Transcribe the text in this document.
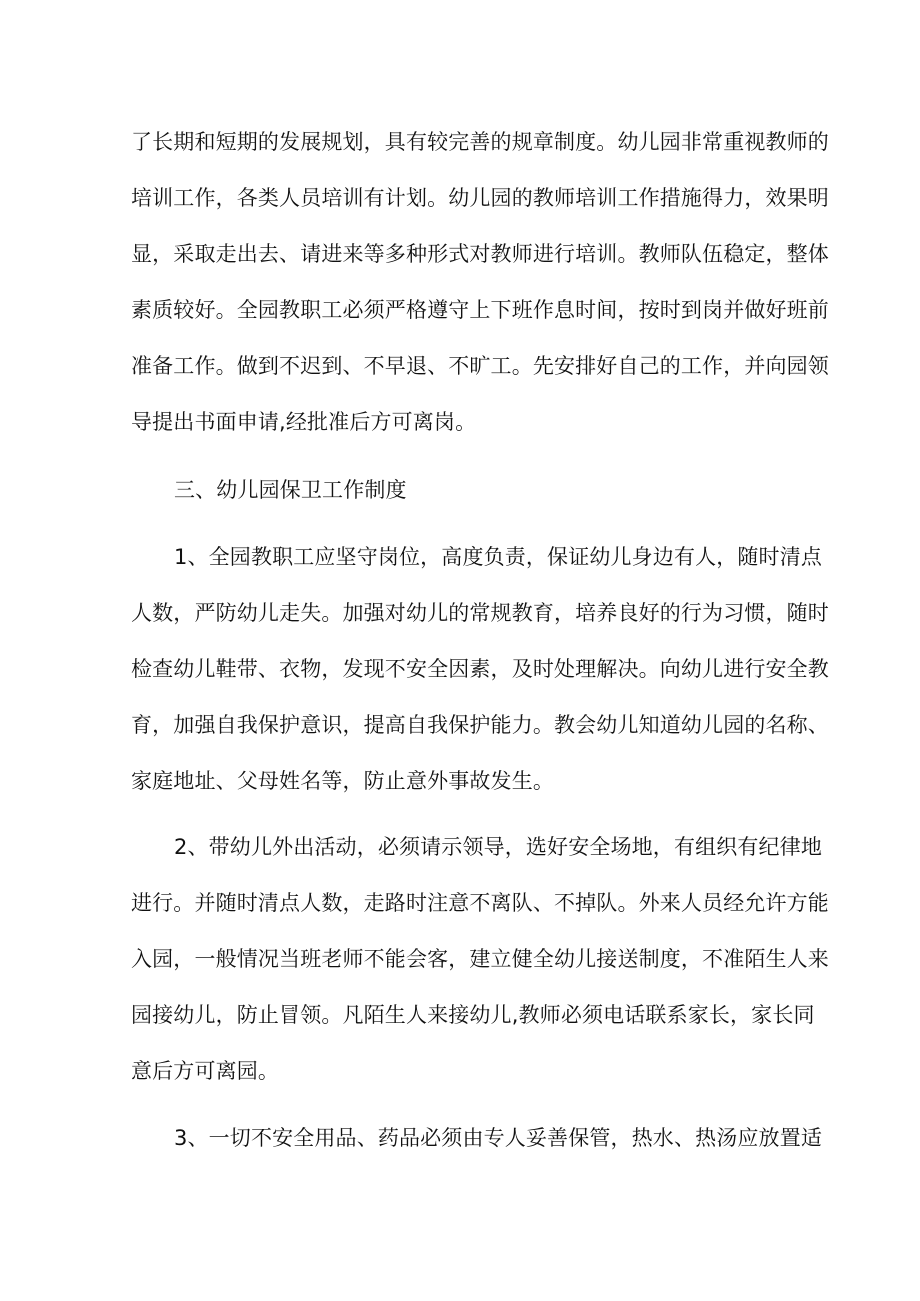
了长期和短期的发展规划，具有较完善的规章制度。幼儿园非常重视教师的
培训工作，各类人员培训有计划。幼儿园的教师培训工作措施得力，效果明
显，采取走出去、请进来等多种形式对教师进行培训。教师队伍稳定，整体
素质较好。全园教职工必须严格遵守上下班作息时间，按时到岗并做好班前
准备工作。做到不迟到、不早退、不旷工。先安排好自己的工作，并向园领
导提出书面申请,经批准后方可离岗。
三、幼儿园保卫工作制度
1、全园教职工应坚守岗位，高度负责，保证幼儿身边有人，随时清点
人数，严防幼儿走失。加强对幼儿的常规教育，培养良好的行为习惯，随时
检查幼儿鞋带、衣物，发现不安全因素，及时处理解决。向幼儿进行安全教
育，加强自我保护意识，提高自我保护能力。教会幼儿知道幼儿园的名称、
家庭地址、父母姓名等，防止意外事故发生。
2、带幼儿外出活动，必须请示领导，选好安全场地，有组织有纪律地
进行。并随时清点人数，走路时注意不离队、不掉队。外来人员经允许方能
入园，一般情况当班老师不能会客，建立健全幼儿接送制度，不准陌生人来
园接幼儿，防止冒领。凡陌生人来接幼儿,教师必须电话联系家长，家长同
意后方可离园。
3、一切不安全用品、药品必须由专人妥善保管，热水、热汤应放置适
